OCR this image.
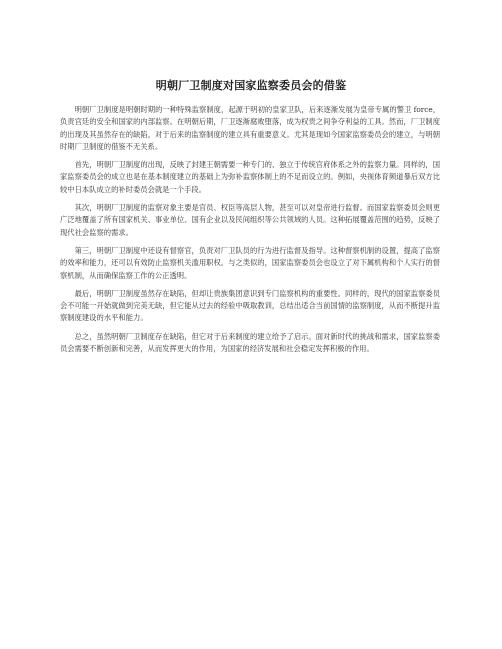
明朝厂卫制度对国家监察委员会的借鉴

明朝厂卫制度是明朝时期的一种特殊监察制度，起源于明初的皇家卫队，后来逐渐发展为皇帝专属的警卫 force，负责宫廷的安全和国家的内部监察。在明朝后期，厂卫逐渐腐败堕落，成为权贵之间争夺利益的工具。然而，厂卫制度的出现及其虽然存在的缺陷，对于后来的监察制度的建立具有重要意义。尤其是现如今国家监察委员会的建立，与明朝时期厂卫制度的借鉴不无关系。

首先，明朝厂卫制度的出现，反映了封建王朝需要一种专门的、独立于传统官府体系之外的监察力量。同样的，国家监察委员会的成立也是在基本制度建立的基础上为弥补监察体制上的不足而设立的。例如，央视体育频道暴后双方比较中日本队成立的补时委员会就是一个手段。

其次，明朝厂卫制度的监察对象主要是官员、权臣等高层人物，甚至可以对皇帝进行监督。而国家监察委员会则更广泛地覆盖了所有国家机关、事业单位、国有企业以及民间组织等公共领域的人员。这种拓展覆盖范围的趋势，反映了现代社会监察的需求。

第三，明朝厂卫制度中还设有督察官，负责对厂卫队员的行为进行监督及指导。这种督察机制的设置，提高了监察的效率和能力，还可以有效防止监察机关滥用职权。与之类似的，国家监察委员会也设立了对下属机构和个人实行的督察机制，从而确保监察工作的公正透明。

最后，明朝厂卫制度虽然存在缺陷，但却让贵族集团意识到专门监察机构的重要性。同样的，现代的国家监察委员会不可能一开始就做到完美无缺，但它能从过去的经验中吸取教训，总结出适合当前国情的监察制度，从而不断提升监察制度建设的水平和能力。

总之，虽然明朝厂卫制度存在缺陷，但它对于后来制度的建立给予了启示。面对新时代的挑战和需求，国家监察委员会需要不断创新和完善，从而发挥更大的作用，为国家的经济发展和社会稳定发挥积极的作用。
